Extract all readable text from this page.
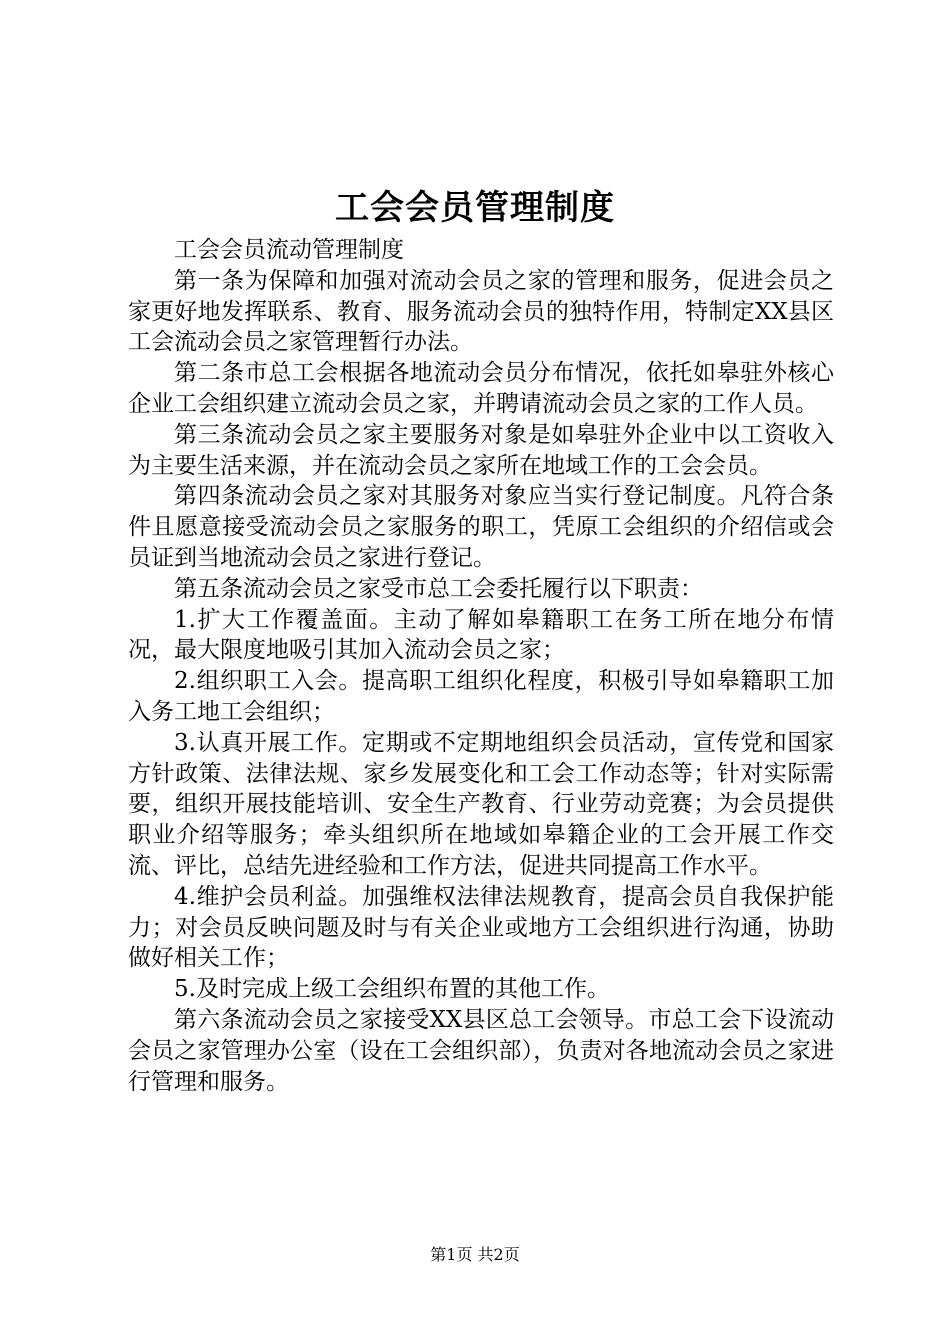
工会会员管理制度

工会会员流动管理制度

第一条为保障和加强对流动会员之家的管理和服务，促进会员之家更好地发挥联系、教育、服务流动会员的独特作用，特制定XX县区工会流动会员之家管理暂行办法。

第二条市总工会根据各地流动会员分布情况，依托如皋驻外核心企业工会组织建立流动会员之家，并聘请流动会员之家的工作人员。

第三条流动会员之家主要服务对象是如皋驻外企业中以工资收入为主要生活来源，并在流动会员之家所在地域工作的工会会员。

第四条流动会员之家对其服务对象应当实行登记制度。凡符合条件且愿意接受流动会员之家服务的职工，凭原工会组织的介绍信或会员证到当地流动会员之家进行登记。

第五条流动会员之家受市总工会委托履行以下职责：

1.扩大工作覆盖面。主动了解如皋籍职工在务工所在地分布情况，最大限度地吸引其加入流动会员之家；

2.组织职工入会。提高职工组织化程度，积极引导如皋籍职工加入务工地工会组织；

3.认真开展工作。定期或不定期地组织会员活动，宣传党和国家方针政策、法律法规、家乡发展变化和工会工作动态等；针对实际需要，组织开展技能培训、安全生产教育、行业劳动竞赛；为会员提供职业介绍等服务；牵头组织所在地域如皋籍企业的工会开展工作交流、评比，总结先进经验和工作方法，促进共同提高工作水平。

4.维护会员利益。加强维权法律法规教育，提高会员自我保护能力；对会员反映问题及时与有关企业或地方工会组织进行沟通，协助做好相关工作；

5.及时完成上级工会组织布置的其他工作。

第六条流动会员之家接受XX县区总工会领导。市总工会下设流动会员之家管理办公室（设在工会组织部），负责对各地流动会员之家进行管理和服务。

第1页 共2页
